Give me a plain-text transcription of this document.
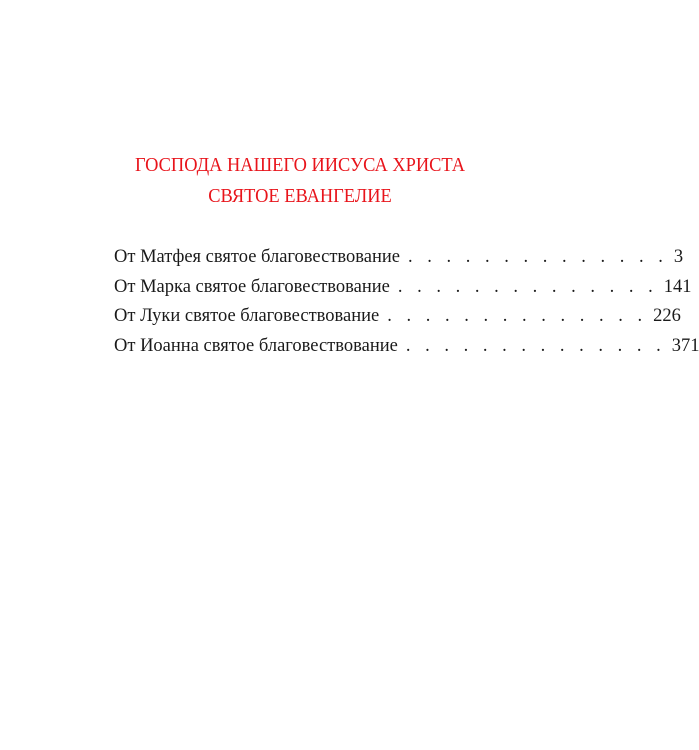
ГОСПОДА НАШЕГО ИИСУСА ХРИСТА
СВЯТОЕ ЕВАНГЕЛИЕ
От Матфея святое благовествование . . . . . . . . . . . . . . 3
От Марка святое благовествование . . . . . . . . . . . . . . 141
От Луки святое благовествование . . . . . . . . . . . . . . 226
От Иоанна святое благовествование . . . . . . . . . . . . . . 371
